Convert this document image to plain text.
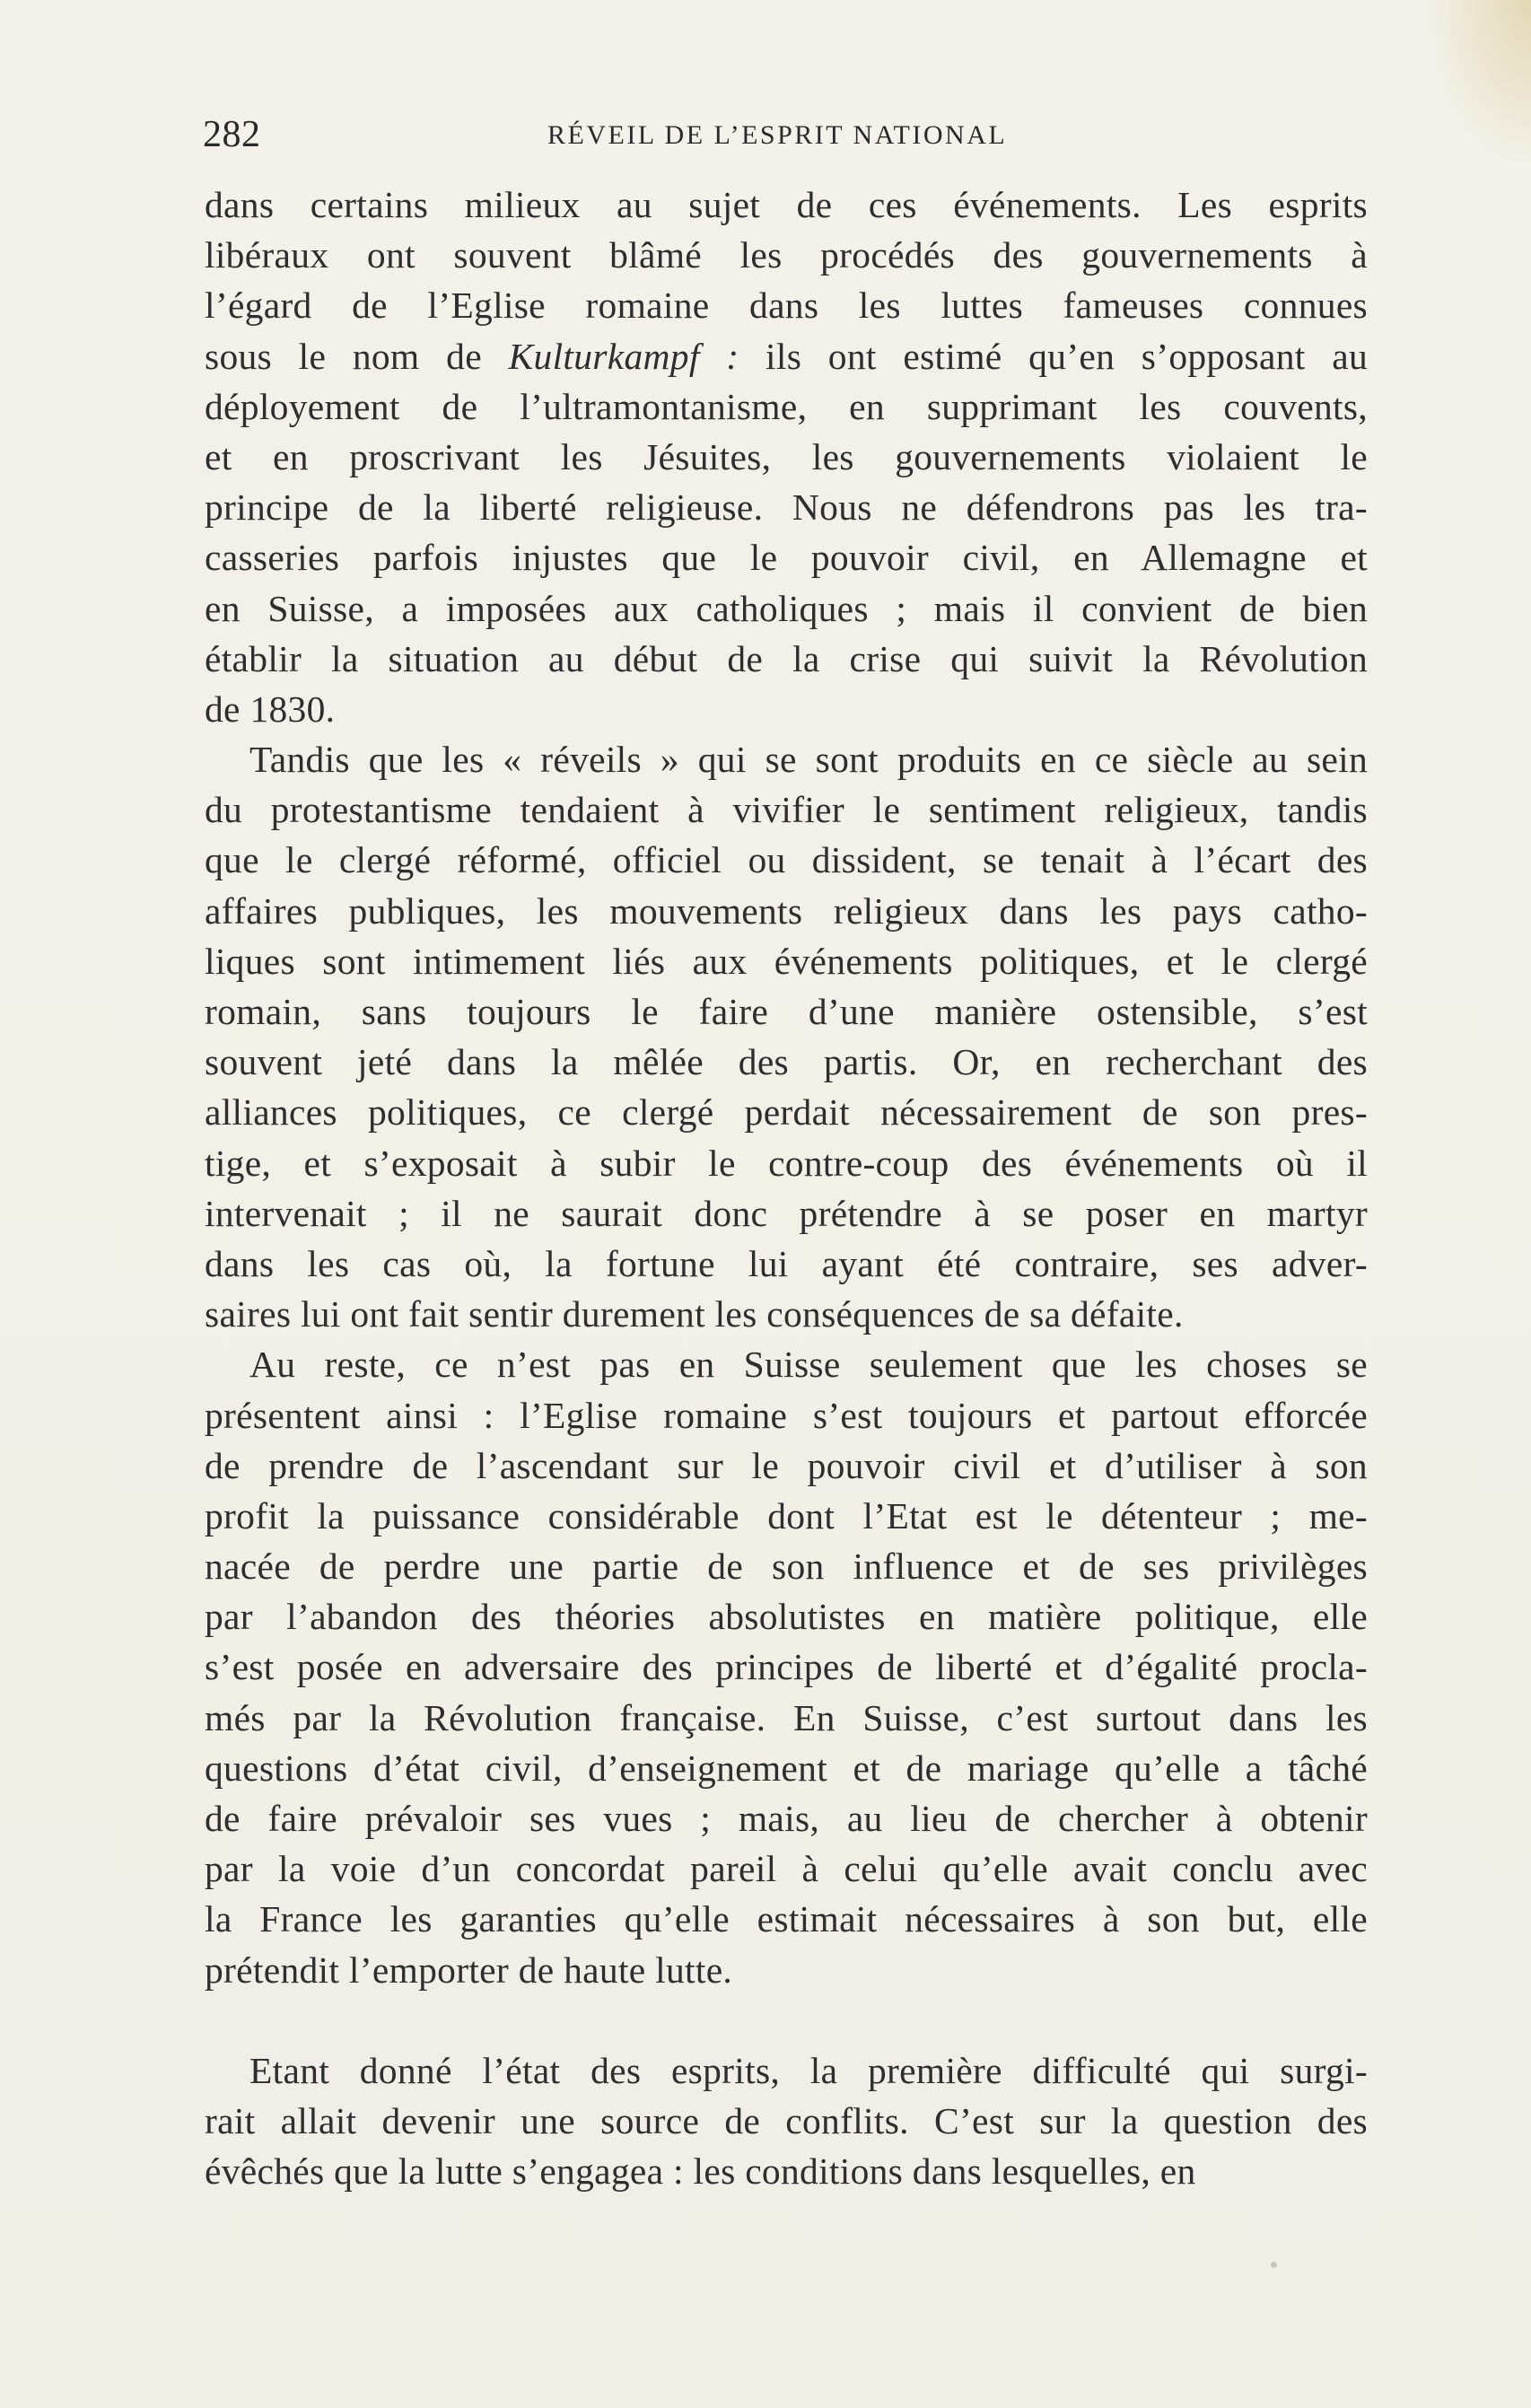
282	RÉVEIL DE L’ESPRIT NATIONAL
dans certains milieux au sujet de ces événements. Les esprits
libéraux ont souvent blâmé les procédés des gouvernements à
l’égard de l’Eglise romaine dans les luttes fameuses connues
sous le nom de Kulturkampf : ils ont estimé qu’en s’opposant au
déployement de l’ultramontanisme, en supprimant les couvents,
et en proscrivant les Jésuites, les gouvernements violaient le
principe de la liberté religieuse. Nous ne défendrons pas les tra-
casseries parfois injustes que le pouvoir civil, en Allemagne et
en Suisse, a imposées aux catholiques ; mais il convient de bien
établir la situation au début de la crise qui suivit la Révolution
de 1830.
Tandis que les « réveils » qui se sont produits en ce siècle au sein
du protestantisme tendaient à vivifier le sentiment religieux, tandis
que le clergé réformé, officiel ou dissident, se tenait à l’écart des
affaires publiques, les mouvements religieux dans les pays catho-
liques sont intimement liés aux événements politiques, et le clergé
romain, sans toujours le faire d’une manière ostensible, s’est
souvent jeté dans la mêlée des partis. Or, en recherchant des
alliances politiques, ce clergé perdait nécessairement de son pres-
tige, et s’exposait à subir le contre-coup des événements où il
intervenait ; il ne saurait donc prétendre à se poser en martyr
dans les cas où, la fortune lui ayant été contraire, ses adver-
saires lui ont fait sentir durement les conséquences de sa défaite.
Au reste, ce n’est pas en Suisse seulement que les choses se
présentent ainsi : l’Eglise romaine s’est toujours et partout efforcée
de prendre de l’ascendant sur le pouvoir civil et d’utiliser à son
profit la puissance considérable dont l’Etat est le détenteur ; me-
nacée de perdre une partie de son influence et de ses privilèges
par l’abandon des théories absolutistes en matière politique, elle
s’est posée en adversaire des principes de liberté et d’égalité procla-
més par la Révolution française. En Suisse, c’est surtout dans les
questions d’état civil, d’enseignement et de mariage qu’elle a tâché
de faire prévaloir ses vues ; mais, au lieu de chercher à obtenir
par la voie d’un concordat pareil à celui qu’elle avait conclu avec
la France les garanties qu’elle estimait nécessaires à son but, elle
prétendit l’emporter de haute lutte.
Etant donné l’état des esprits, la première difficulté qui surgi-
rait allait devenir une source de conflits. C’est sur la question des
évêchés que la lutte s’engagea : les conditions dans lesquelles, en
